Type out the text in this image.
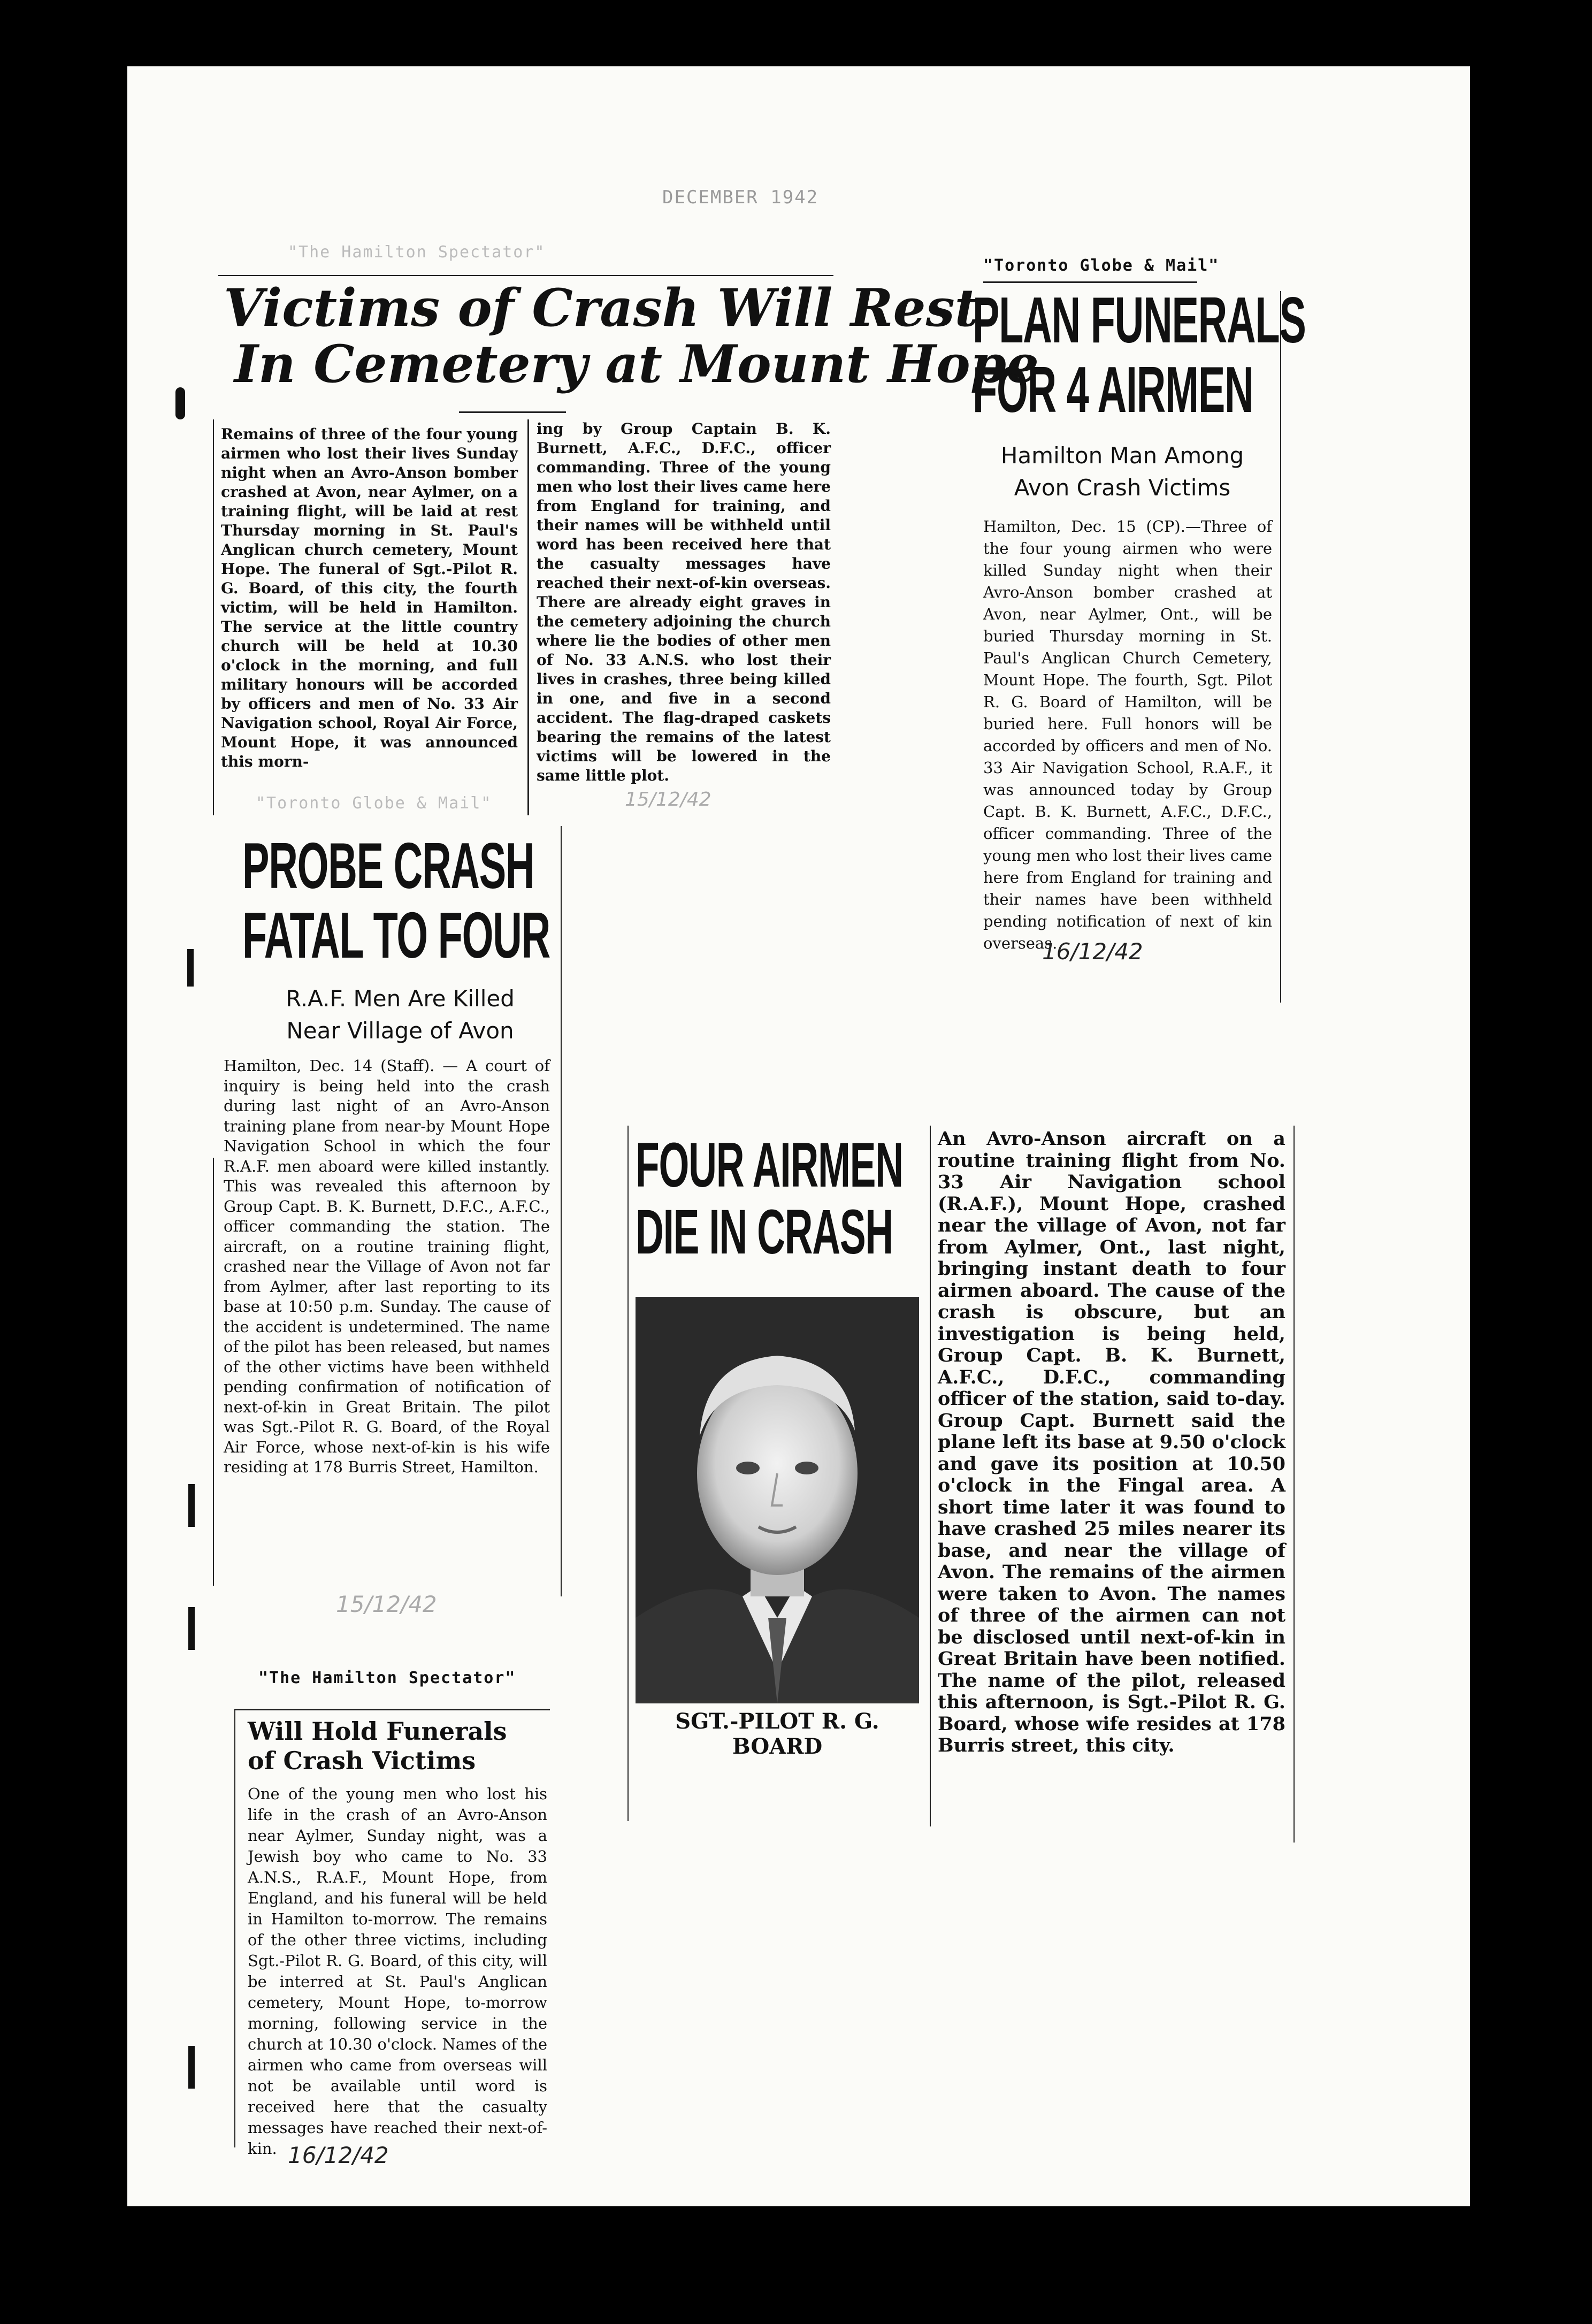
DECEMBER 1942
"The Hamilton Spectator"
Victims of Crash Will Rest
In Cemetery at Mount Hope
Remains of three of the four young airmen who lost their lives Sunday night when an Avro-Anson bomber crashed at Avon, near Aylmer, on a training flight, will be laid at rest Thursday morning in St. Paul's Anglican church cemetery, Mount Hope. The funeral of Sgt.-Pilot R. G. Board, of this city, the fourth victim, will be held in Hamilton. The service at the little country church will be held at 10.30 o'clock in the morning, and full military honours will be accorded by officers and men of No. 33 Air Navigation school, Royal Air Force, Mount Hope, it was announced this morn-
ing by Group Captain B. K. Burnett, A.F.C., D.F.C., officer commanding. Three of the young men who lost their lives came here from England for training, and their names will be withheld until word has been received here that the casualty messages have reached their next-of-kin overseas. There are already eight graves in the cemetery adjoining the church where lie the bodies of other men of No. 33 A.N.S. who lost their lives in crashes, three being killed in one, and five in a second accident. The flag-draped caskets bearing the remains of the latest victims will be lowered in the same little plot.
"Toronto Globe & Mail"
PLAN FUNERALS
FOR 4 AIRMEN
Hamilton Man Among
Avon Crash Victims
Hamilton, Dec. 15 (CP).—Three of the four young airmen who were killed Sunday night when their Avro-Anson bomber crashed at Avon, near Aylmer, Ont., will be buried Thursday morning in St. Paul's Anglican Church Cemetery, Mount Hope. The fourth, Sgt. Pilot R. G. Board of Hamilton, will be buried here. Full honors will be accorded by officers and men of No. 33 Air Navigation School, R.A.F., it was announced today by Group Capt. B. K. Burnett, A.F.C., D.F.C., officer commanding. Three of the young men who lost their lives came here from England for training and their names have been withheld pending notification of next of kin overseas.
16/12/42
"Toronto Globe & Mail"	15/12/42
PROBE CRASH
FATAL TO FOUR
R.A.F. Men Are Killed
Near Village of Avon
Hamilton, Dec. 14 (Staff). — A court of inquiry is being held into the crash during last night of an Avro-Anson training plane from near-by Mount Hope Navigation School in which the four R.A.F. men aboard were killed instantly. This was revealed this afternoon by Group Capt. B. K. Burnett, D.F.C., A.F.C., officer commanding the station. The aircraft, on a routine training flight, crashed near the Village of Avon not far from Aylmer, after last reporting to its base at 10:50 p.m. Sunday. The cause of the accident is undetermined. The name of the pilot has been released, but names of the other victims have been withheld pending confirmation of notification of next-of-kin in Great Britain. The pilot was Sgt.-Pilot R. G. Board, of the Royal Air Force, whose next-of-kin is his wife residing at 178 Burris Street, Hamilton.
15/12/42
FOUR AIRMEN
DIE IN CRASH
SGT.-PILOT R. G. BOARD
An Avro-Anson aircraft on a routine training flight from No. 33 Air Navigation school (R.A.F.), Mount Hope, crashed near the village of Avon, not far from Aylmer, Ont., last night, bringing instant death to four airmen aboard. The cause of the crash is obscure, but an investigation is being held, Group Capt. B. K. Burnett, A.F.C., D.F.C., commanding officer of the station, said to-day. Group Capt. Burnett said the plane left its base at 9.50 o'clock and gave its position at 10.50 o'clock in the Fingal area. A short time later it was found to have crashed 25 miles nearer its base, and near the village of Avon. The remains of the airmen were taken to Avon. The names of three of the airmen can not be disclosed until next-of-kin in Great Britain have been notified. The name of the pilot, released this afternoon, is Sgt.-Pilot R. G. Board, whose wife resides at 178 Burris street, this city.
"The Hamilton Spectator"
Will Hold Funerals
of Crash Victims
One of the young men who lost his life in the crash of an Avro-Anson near Aylmer, Sunday night, was a Jewish boy who came to No. 33 A.N.S., R.A.F., Mount Hope, from England, and his funeral will be held in Hamilton to-morrow. The remains of the other three victims, including Sgt.-Pilot R. G. Board, of this city, will be interred at St. Paul's Anglican cemetery, Mount Hope, to-morrow morning, following service in the church at 10.30 o'clock. Names of the airmen who came from overseas will not be available until word is received here that the casualty messages have reached their next-of-kin. 16/12/42
